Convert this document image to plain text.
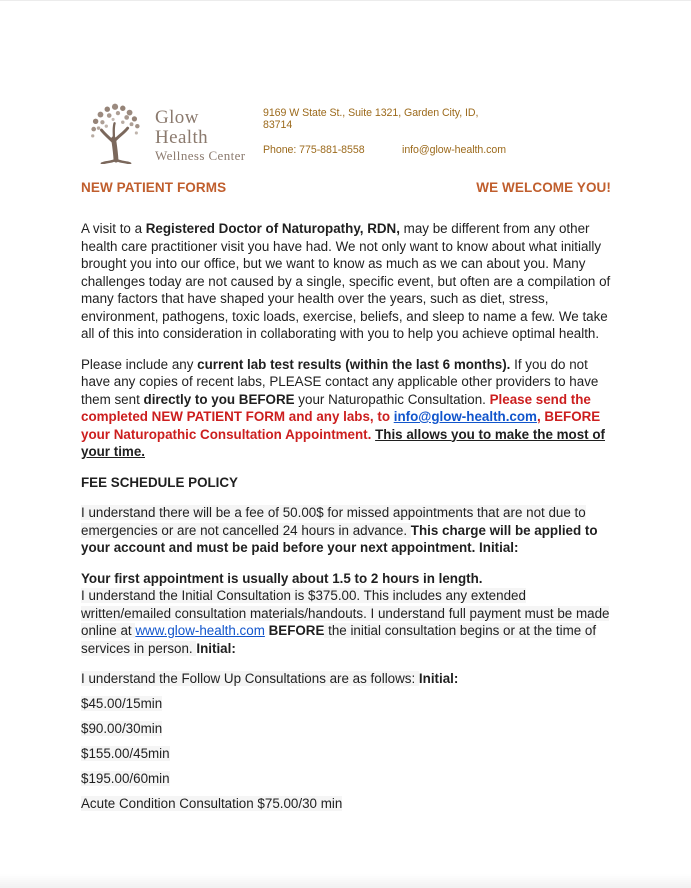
Glow Health
Wellness Center
9169 W State St., Suite 1321, Garden City, ID, 83714
Phone: 775-881-8558	info@glow-health.com
NEW PATIENT FORMS	WE WELCOME YOU!
A visit to a Registered Doctor of Naturopathy, RDN, may be different from any other health care practitioner visit you have had. We not only want to know about what initially brought you into our office, but we want to know as much as we can about you. Many challenges today are not caused by a single, specific event, but often are a compilation of many factors that have shaped your health over the years, such as diet, stress, environment, pathogens, toxic loads, exercise, beliefs, and sleep to name a few. We take all of this into consideration in collaborating with you to help you achieve optimal health.
Please include any current lab test results (within the last 6 months). If you do not have any copies of recent labs, PLEASE contact any applicable other providers to have them sent directly to you BEFORE your Naturopathic Consultation. Please send the completed NEW PATIENT FORM and any labs, to info@glow-health.com, BEFORE your Naturopathic Consultation Appointment. This allows you to make the most of your time.
FEE SCHEDULE POLICY
I understand there will be a fee of 50.00$ for missed appointments that are not due to emergencies or are not cancelled 24 hours in advance. This charge will be applied to your account and must be paid before your next appointment. Initial:
Your first appointment is usually about 1.5 to 2 hours in length.
I understand the Initial Consultation is $375.00. This includes any extended written/emailed consultation materials/handouts. I understand full payment must be made online at www.glow-health.com BEFORE the initial consultation begins or at the time of services in person. Initial:
I understand the Follow Up Consultations are as follows: Initial:
$45.00/15min
$90.00/30min
$155.00/45min
$195.00/60min
Acute Condition Consultation $75.00/30 min
